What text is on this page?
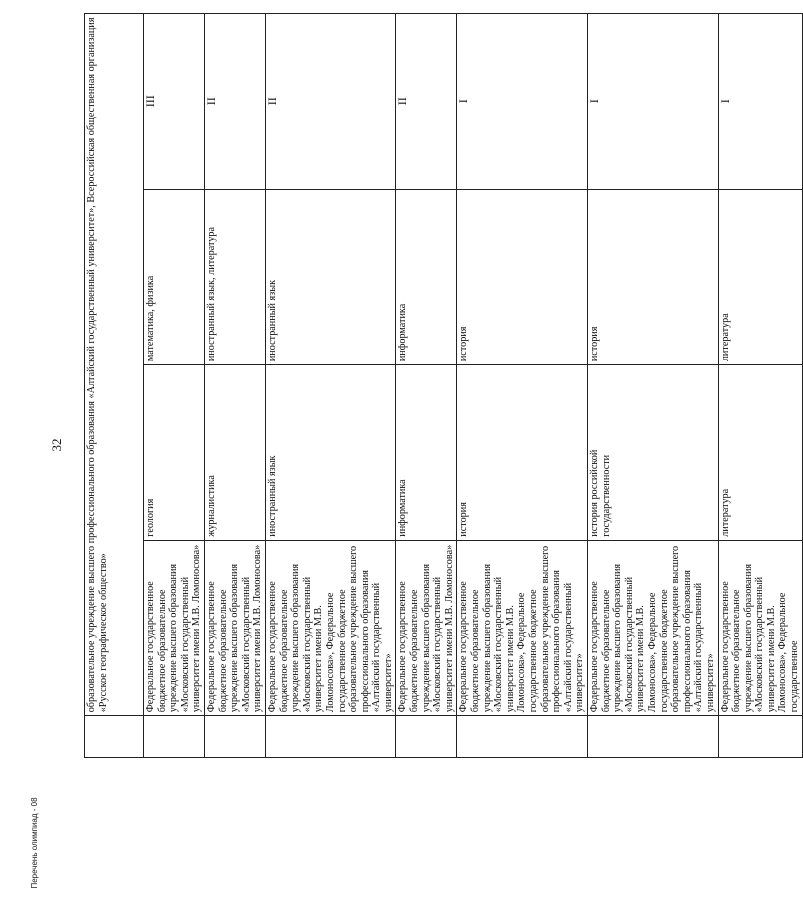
32
Перечень олимпиад - 08
	образовательное учреждение высшего профессионального образования «Алтайский государственный университет», Всероссийская общественная организация «Русское географическое общество»			
	Федеральное государственное бюджетное образовательное учреждение высшего образования «Московский государственный университет имени М.В. Ломоносова»	геология	математика, физика	III
	Федеральное государственное бюджетное образовательное учреждение высшего образования «Московский государственный университет имени М.В. Ломоносова»	журналистика	иностранный язык, литература	II
	Федеральное государственное бюджетное образовательное учреждение высшего образования «Московский государственный университет имени М.В. Ломоносова», Федеральное государственное бюджетное образовательное учреждение высшего профессионального образования «Алтайский государственный университет»	иностранный язык	иностранный язык	II
	Федеральное государственное бюджетное образовательное учреждение высшего образования «Московский государственный университет имени М.В. Ломоносова»	информатика	информатика	II
	Федеральное государственное бюджетное образовательное учреждение высшего образования «Московский государственный университет имени М.В. Ломоносова», Федеральное государственное бюджетное образовательное учреждение высшего профессионального образования «Алтайский государственный университет»	история	история	I
	Федеральное государственное бюджетное образовательное учреждение высшего образования «Московский государственный университет имени М.В. Ломоносова», Федеральное государственное бюджетное образовательное учреждение высшего профессионального образования «Алтайский государственный университет»	история российской государственности	история	I
	Федеральное государственное бюджетное образовательное учреждение высшего образования «Московский государственный университет имени М.В. Ломоносова», Федеральное государственное	литература	литература	I
